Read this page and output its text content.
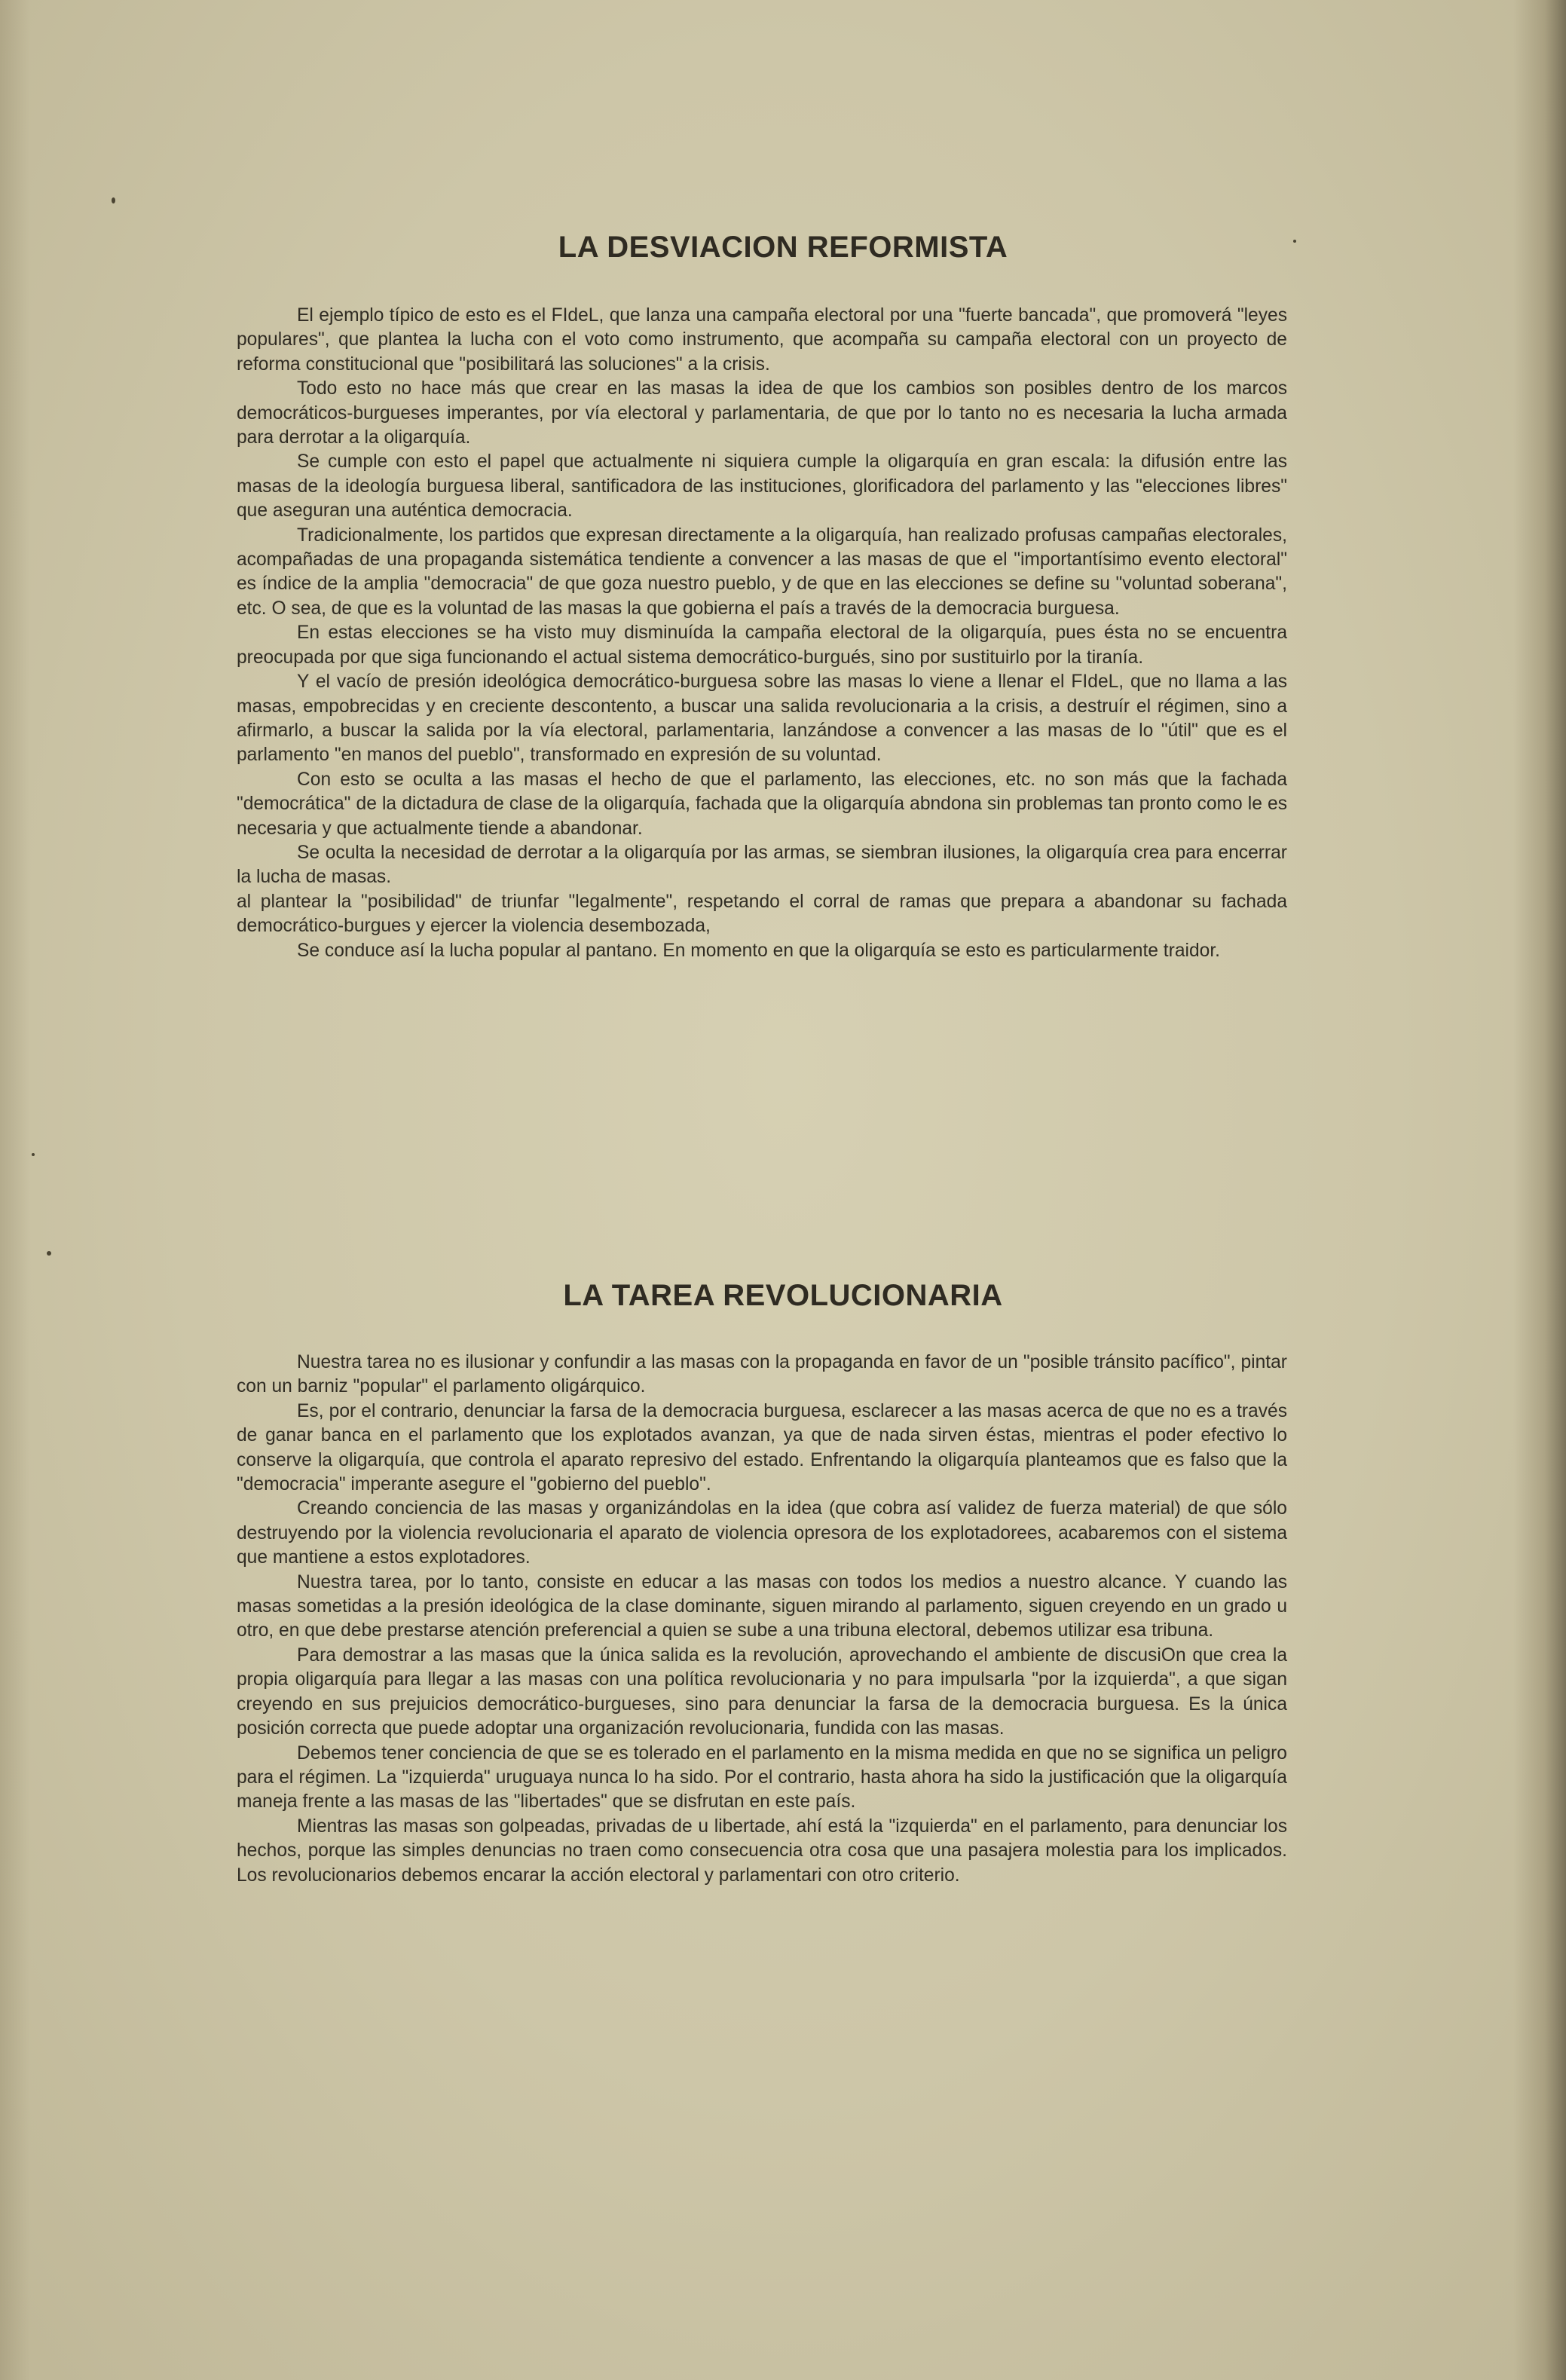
LA DESVIACION REFORMISTA

El ejemplo típico de esto es el FIdeL, que lanza una campaña electoral por una "fuerte bancada", que promoverá "leyes populares", que plantea la lucha con el voto como instrumento, que acompaña su campaña electoral con un proyecto de reforma constitucional que "posibilitará las soluciones" a la crisis.

Todo esto no hace más que crear en las masas la idea de que los cambios son posibles dentro de los marcos democráticos-burgueses imperantes, por vía electoral y parlamentaria, de que por lo tanto no es necesaria la lucha armada para derrotar a la oligarquía.

Se cumple con esto el papel que actualmente ni siquiera cumple la oligarquía en gran escala: la difusión entre las masas de la ideología burguesa liberal, santificadora de las instituciones, glorificadora del parlamento y las "elecciones libres" que aseguran una auténtica democracia.

Tradicionalmente, los partidos que expresan directamente a la oligarquía, han realizado profusas campañas electorales, acompañadas de una propaganda sistemática tendiente a convencer a las masas de que el "importantísimo evento electoral" es índice de la amplia "democracia" de que goza nuestro pueblo, y de que en las elecciones se define su "voluntad soberana", etc. O sea, de que es la voluntad de las masas la que gobierna el país a través de la democracia burguesa.

En estas elecciones se ha visto muy disminuída la campaña electoral de la oligarquía, pues ésta no se encuentra preocupada por que siga funcionando el actual sistema democrático-burgués, sino por sustituirlo por la tiranía.

Y el vacío de presión ideológica democrático-burguesa sobre las masas lo viene a llenar el FIdeL, que no llama a las masas, empobrecidas y en creciente descontento, a buscar una salida revolucionaria a la crisis, a destruír el régimen, sino a afirmarlo, a buscar la salida por la vía electoral, parlamentaria, lanzándose a convencer a las masas de lo "útil" que es el parlamento "en manos del pueblo", transformado en expresión de su voluntad.

Con esto se oculta a las masas el hecho de que el parlamento, las elecciones, etc. no son más que la fachada "democrática" de la dictadura de clase de la oligarquía, fachada que la oligarquía abndona sin problemas tan pronto como le es necesaria y que actualmente tiende a abandonar.

Se oculta la necesidad de derrotar a la oligarquía por las armas, se siembran ilusiones, la oligarquía crea para encerrar la lucha de masas.

al plantear la "posibilidad" de triunfar "legalmente", respetando el corral de ramas que prepara a abandonar su fachada democrático-burgues y ejercer la violencia desembozada,

Se conduce así la lucha popular al pantano. En momento en que la oligarquía se esto es particularmente traidor.

LA TAREA REVOLUCIONARIA

Nuestra tarea no es ilusionar y confundir a las masas con la propaganda en favor de un "posible tránsito pacífico", pintar con un barniz "popular" el parlamento oligárquico.

Es, por el contrario, denunciar la farsa de la democracia burguesa, esclarecer a las masas acerca de que no es a través de ganar banca en el parlamento que los explotados avanzan, ya que de nada sirven éstas, mientras el poder efectivo lo conserve la oligarquía, que controla el aparato represivo del estado. Enfrentando la oligarquía planteamos que es falso que la "democracia" imperante asegure el "gobierno del pueblo".

Creando conciencia de las masas y organizándolas en la idea (que cobra así validez de fuerza material) de que sólo destruyendo por la violencia revolucionaria el aparato de violencia opresora de los explotadorees, acabaremos con el sistema que mantiene a estos explotadores.

Nuestra tarea, por lo tanto, consiste en educar a las masas con todos los medios a nuestro alcance. Y cuando las masas sometidas a la presión ideológica de la clase dominante, siguen mirando al parlamento, siguen creyendo en un grado u otro, en que debe prestarse atención preferencial a quien se sube a una tribuna electoral, debemos utilizar esa tribuna.

Para demostrar a las masas que la única salida es la revolución, aprovechando el ambiente de discusiOn que crea la propia oligarquía para llegar a las masas con una política revolucionaria y no para impulsarla "por la izquierda", a que sigan creyendo en sus prejuicios democrático-burgueses, sino para denunciar la farsa de la democracia burguesa. Es la única posición correcta que puede adoptar una organización revolucionaria, fundida con las masas.

Debemos tener conciencia de que se es tolerado en el parlamento en la misma medida en que no se significa un peligro para el régimen. La "izquierda" uruguaya nunca lo ha sido. Por el contrario, hasta ahora ha sido la justificación que la oligarquía maneja frente a las masas de las "libertades" que se disfrutan en este país.

Mientras las masas son golpeadas, privadas de u libertade, ahí está la "izquierda" en el parlamento, para denunciar los hechos, porque las simples denuncias no traen como consecuencia otra cosa que una pasajera molestia para los implicados. Los revolucionarios debemos encarar la acción electoral y parlamentari con otro criterio.
